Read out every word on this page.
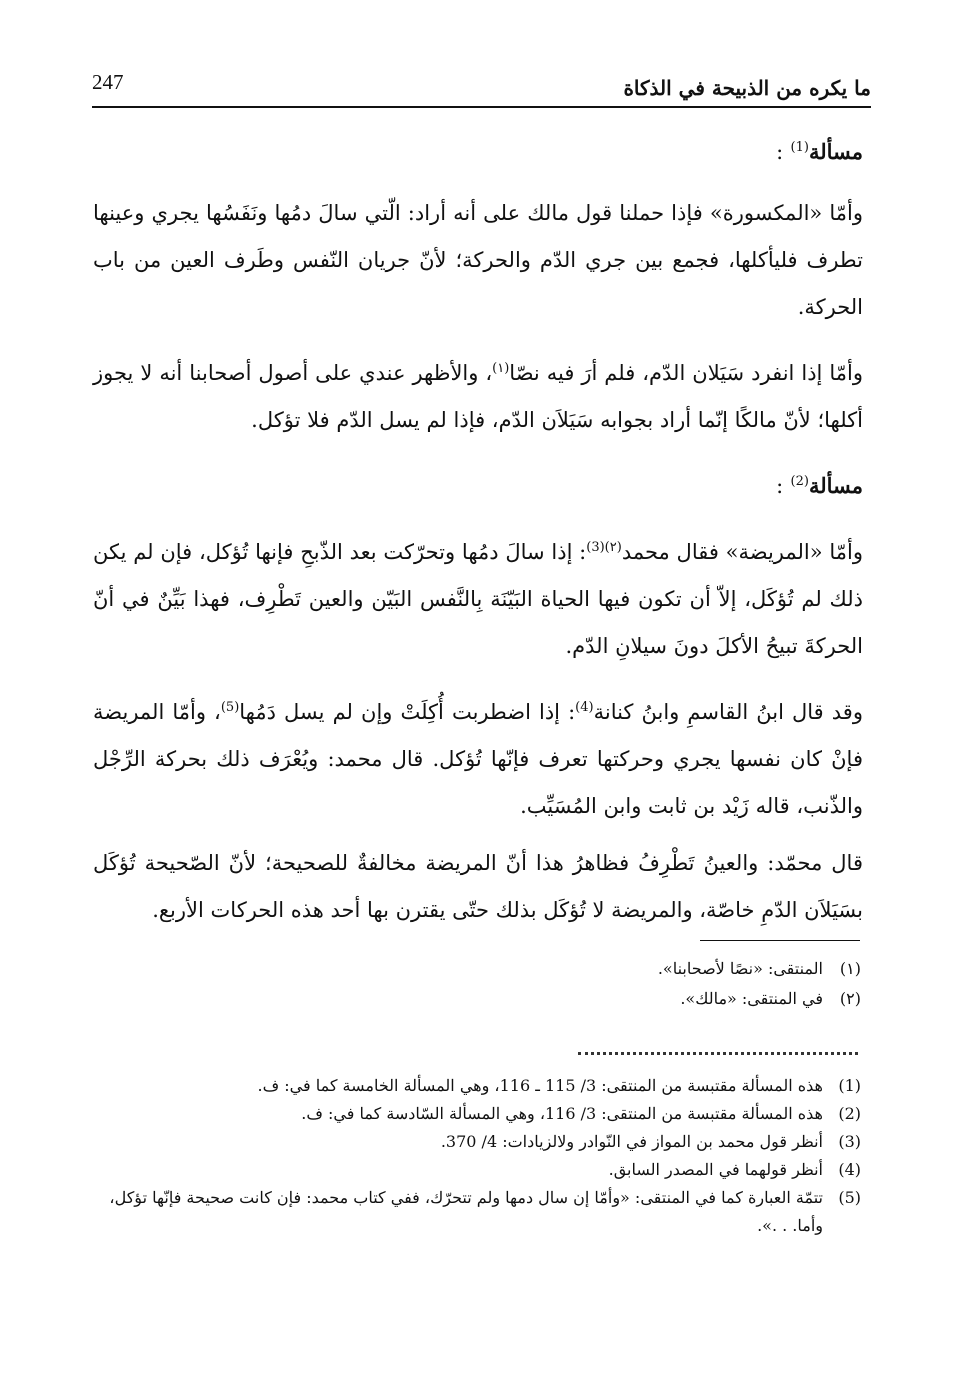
247	ما يكره من الذبيحة في الذكاة

مسألة$^{(1)}$ :

وأمّا «المكسورة» فإذا حملنا قول مالك على أنه أراد: الّتي سالَ دمُها ونَفَسُها يجري وعينها تطرف فليأكلها، فجمع بين جري الدّم والحركة؛ لأنّ جريان النّفس وطَرف العين من باب الحركة.

وأمّا إذا انفرد سَيَلان الدّم، فلم أرَ فيه نصّا$^{(١)}$، والأظهر عندي على أصول أصحابنا أنه لا يجوز أكلها؛ لأنّ مالكًا إنّما أراد بجوابه سَيَلاَن الدّم، فإذا لم يسل الدّم فلا تؤكل.

مسألة$^{(2)}$ :

وأمّا «المريضة» فقال محمد$^{(٢)(3)}$: إذا سالَ دمُها وتحرّكت بعد الذّبحِ فإنها تُؤكل، فإن لم يكن ذلك لم تُؤكَل، إلاّ أن تكون فيها الحياة البَيّنَة بِالنَّفس البَيّن والعين تَطْرِف، فهذا بَيِّنٌ في أنّ الحركةَ تبيحُ الأكلَ دونَ سيلانِ الدّم.

وقد قال ابنُ القاسمِ وابنُ كنانة$^{(4)}$: إذا اضطربت أُكِلَتْ وإن لم يسل دَمُها$^{(5)}$، وأمّا المريضة فإنْ كان نفسها يجري وحركتها تعرف فإنّها تُؤكل. قال محمد: ويُعْرَف ذلك بحركة الرِّجْل والذّنب، قاله زَيْد بن ثابت وابن المُسَيِّب.

قال محمّد: والعينُ تَطْرِفُ فظاهرُ هذا أنّ المريضة مخالفةٌ للصحيحة؛ لأنّ الصّحيحة تُؤكَل بسَيَلاَن الدّمِ خاصّة، والمريضة لا تُؤكَل بذلك حتّى يقترن بها أحد هذه الحركات الأربع.

(١)
المنتقى: «نصًا لأصحابنا».
(٢)
في المنتقى: «مالك».
(1)
هذه المسألة مقتبسة من المنتقى: 3/ 115 ـ 116، وهي المسألة الخامسة كما في: ف.
(2)
هذه المسألة مقتبسة من المنتقى: 3/ 116، وهي المسألة السّادسة كما في: ف.
(3)
أنظر قول محمد بن المواز في النّوادر ولالزيادات: 4/ 370.
(4)
أنظر قولهما في المصدر السابق.
(5)
تتمّة العبارة كما في المنتقى: «وأمّا إن سال دمها ولم تتحرّك، ففي كتاب محمد: فإن كانت صحيحة فإنّها تؤكل، وأما. . .».
